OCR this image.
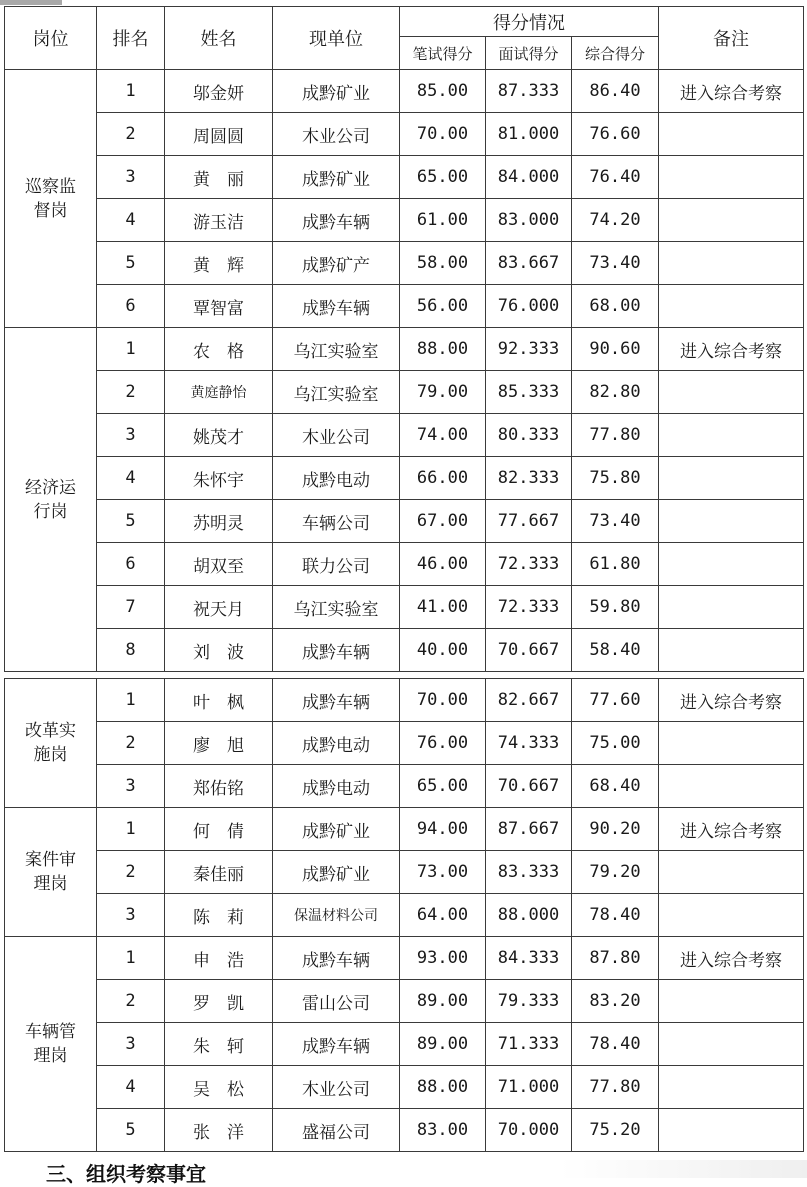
岗位	排名	姓名	现单位	得分情况			备注
				笔试得分	面试得分	综合得分	

巡察监
督岗	1	邬金妍	成黔矿业	85.00	87.333	86.40	进入综合考察
	2	周圆圆	木业公司	70.00	81.000	76.60	
	3	黄　丽	成黔矿业	65.00	84.000	76.40	
	4	游玉洁	成黔车辆	61.00	83.000	74.20	
	5	黄　辉	成黔矿产	58.00	83.667	73.40	
	6	覃智富	成黔车辆	56.00	76.000	68.00	

经济运
行岗	1	农　格	乌江实验室	88.00	92.333	90.60	进入综合考察
	2	黄庭静怡	乌江实验室	79.00	85.333	82.80	
	3	姚茂才	木业公司	74.00	80.333	77.80	
	4	朱怀宇	成黔电动	66.00	82.333	75.80	
	5	苏明灵	车辆公司	67.00	77.667	73.40	
	6	胡双至	联力公司	46.00	72.333	61.80	
	7	祝天月	乌江实验室	41.00	72.333	59.80	
	8	刘　波	成黔车辆	40.00	70.667	58.40	

改革实
施岗	1	叶　枫	成黔车辆	70.00	82.667	77.60	进入综合考察
	2	廖　旭	成黔电动	76.00	74.333	75.00	
	3	郑佑铭	成黔电动	65.00	70.667	68.40	

案件审
理岗	1	何　倩	成黔矿业	94.00	87.667	90.20	进入综合考察
	2	秦佳丽	成黔矿业	73.00	83.333	79.20	
	3	陈　莉	保温材料公司	64.00	88.000	78.40	

车辆管
理岗	1	申　浩	成黔车辆	93.00	84.333	87.80	进入综合考察
	2	罗　凯	雷山公司	89.00	79.333	83.20	
	3	朱　轲	成黔车辆	89.00	71.333	78.40	
	4	吴　松	木业公司	88.00	71.000	77.80	
	5	张　洋	盛福公司	83.00	70.000	75.20	
三、组织考察事宜
